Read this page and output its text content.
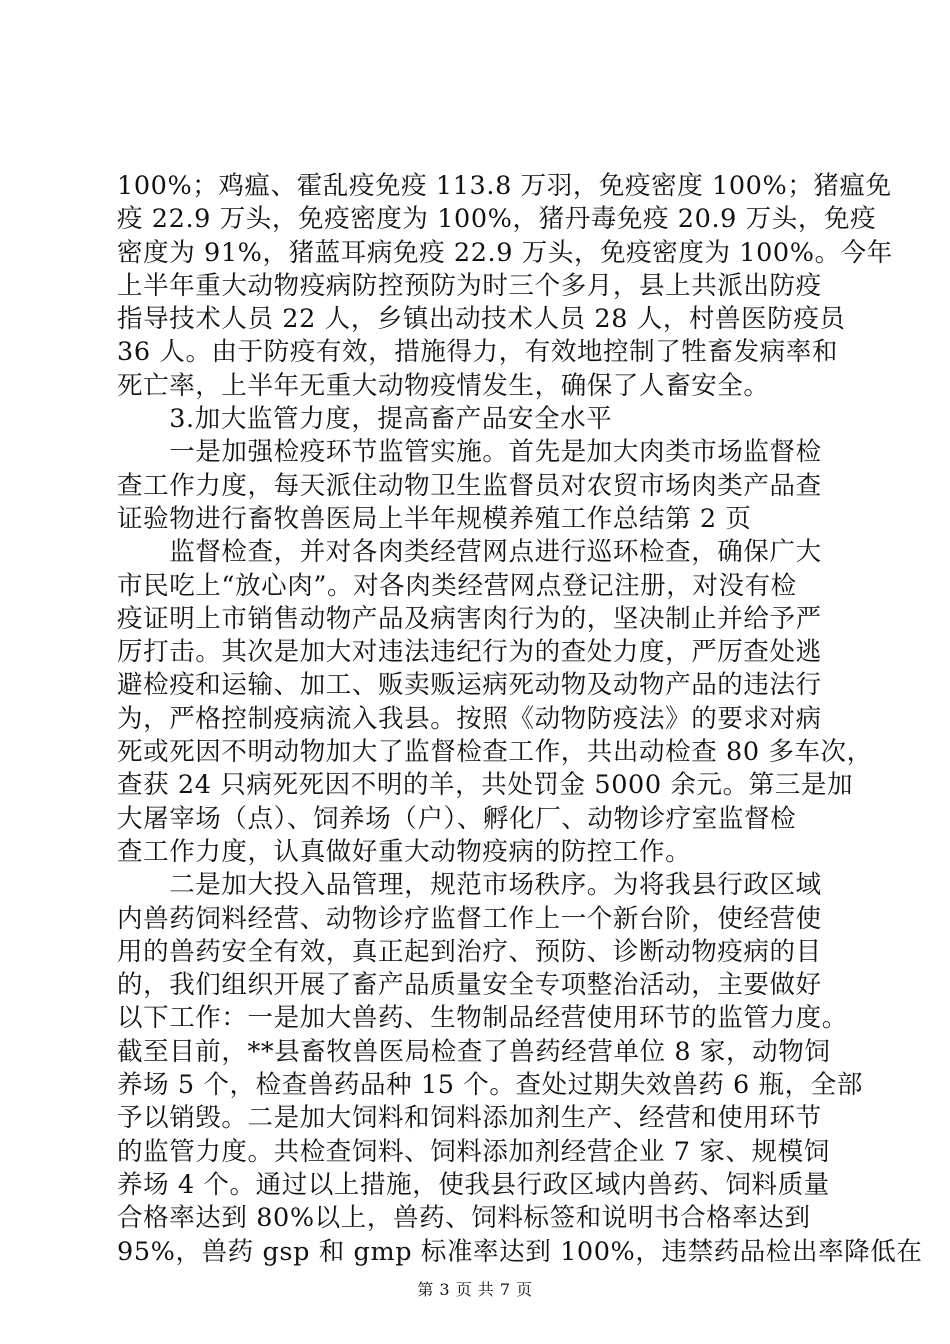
100%；鸡瘟、霍乱疫免疫 113.8 万羽，免疫密度 100%；猪瘟免
疫 22.9 万头，免疫密度为 100%，猪丹毒免疫 20.9 万头，免疫
密度为 91%，猪蓝耳病免疫 22.9 万头，免疫密度为 100%。今年
上半年重大动物疫病防控预防为时三个多月，县上共派出防疫
指导技术人员 22 人，乡镇出动技术人员 28 人，村兽医防疫员
36 人。由于防疫有效，措施得力，有效地控制了牲畜发病率和
死亡率，上半年无重大动物疫情发生，确保了人畜安全。
　　3.加大监管力度，提高畜产品安全水平
　　一是加强检疫环节监管实施。首先是加大肉类市场监督检
查工作力度，每天派住动物卫生监督员对农贸市场肉类产品查
证验物进行畜牧兽医局上半年规模养殖工作总结第 2 页
　　监督检查，并对各肉类经营网点进行巡环检查，确保广大
市民吃上“放心肉”。对各肉类经营网点登记注册，对没有检
疫证明上市销售动物产品及病害肉行为的，坚决制止并给予严
厉打击。其次是加大对违法违纪行为的查处力度，严厉查处逃
避检疫和运输、加工、贩卖贩运病死动物及动物产品的违法行
为，严格控制疫病流入我县。按照《动物防疫法》的要求对病
死或死因不明动物加大了监督检查工作，共出动检查 80 多车次，
查获 24 只病死死因不明的羊，共处罚金 5000 余元。第三是加
大屠宰场（点）、饲养场（户）、孵化厂、动物诊疗室监督检
查工作力度，认真做好重大动物疫病的防控工作。
　　二是加大投入品管理，规范市场秩序。为将我县行政区域
内兽药饲料经营、动物诊疗监督工作上一个新台阶，使经营使
用的兽药安全有效，真正起到治疗、预防、诊断动物疫病的目
的，我们组织开展了畜产品质量安全专项整治活动，主要做好
以下工作：一是加大兽药、生物制品经营使用环节的监管力度。
截至目前，**县畜牧兽医局检查了兽药经营单位 8 家，动物饲
养场 5 个，检查兽药品种 15 个。查处过期失效兽药 6 瓶，全部
予以销毁。二是加大饲料和饲料添加剂生产、经营和使用环节
的监管力度。共检查饲料、饲料添加剂经营企业 7 家、规模饲
养场 4 个。通过以上措施，使我县行政区域内兽药、饲料质量
合格率达到 80%以上，兽药、饲料标签和说明书合格率达到
95%，兽药 gsp 和 gmp 标准率达到 100%，违禁药品检出率降低在
第 3 页 共 7 页
